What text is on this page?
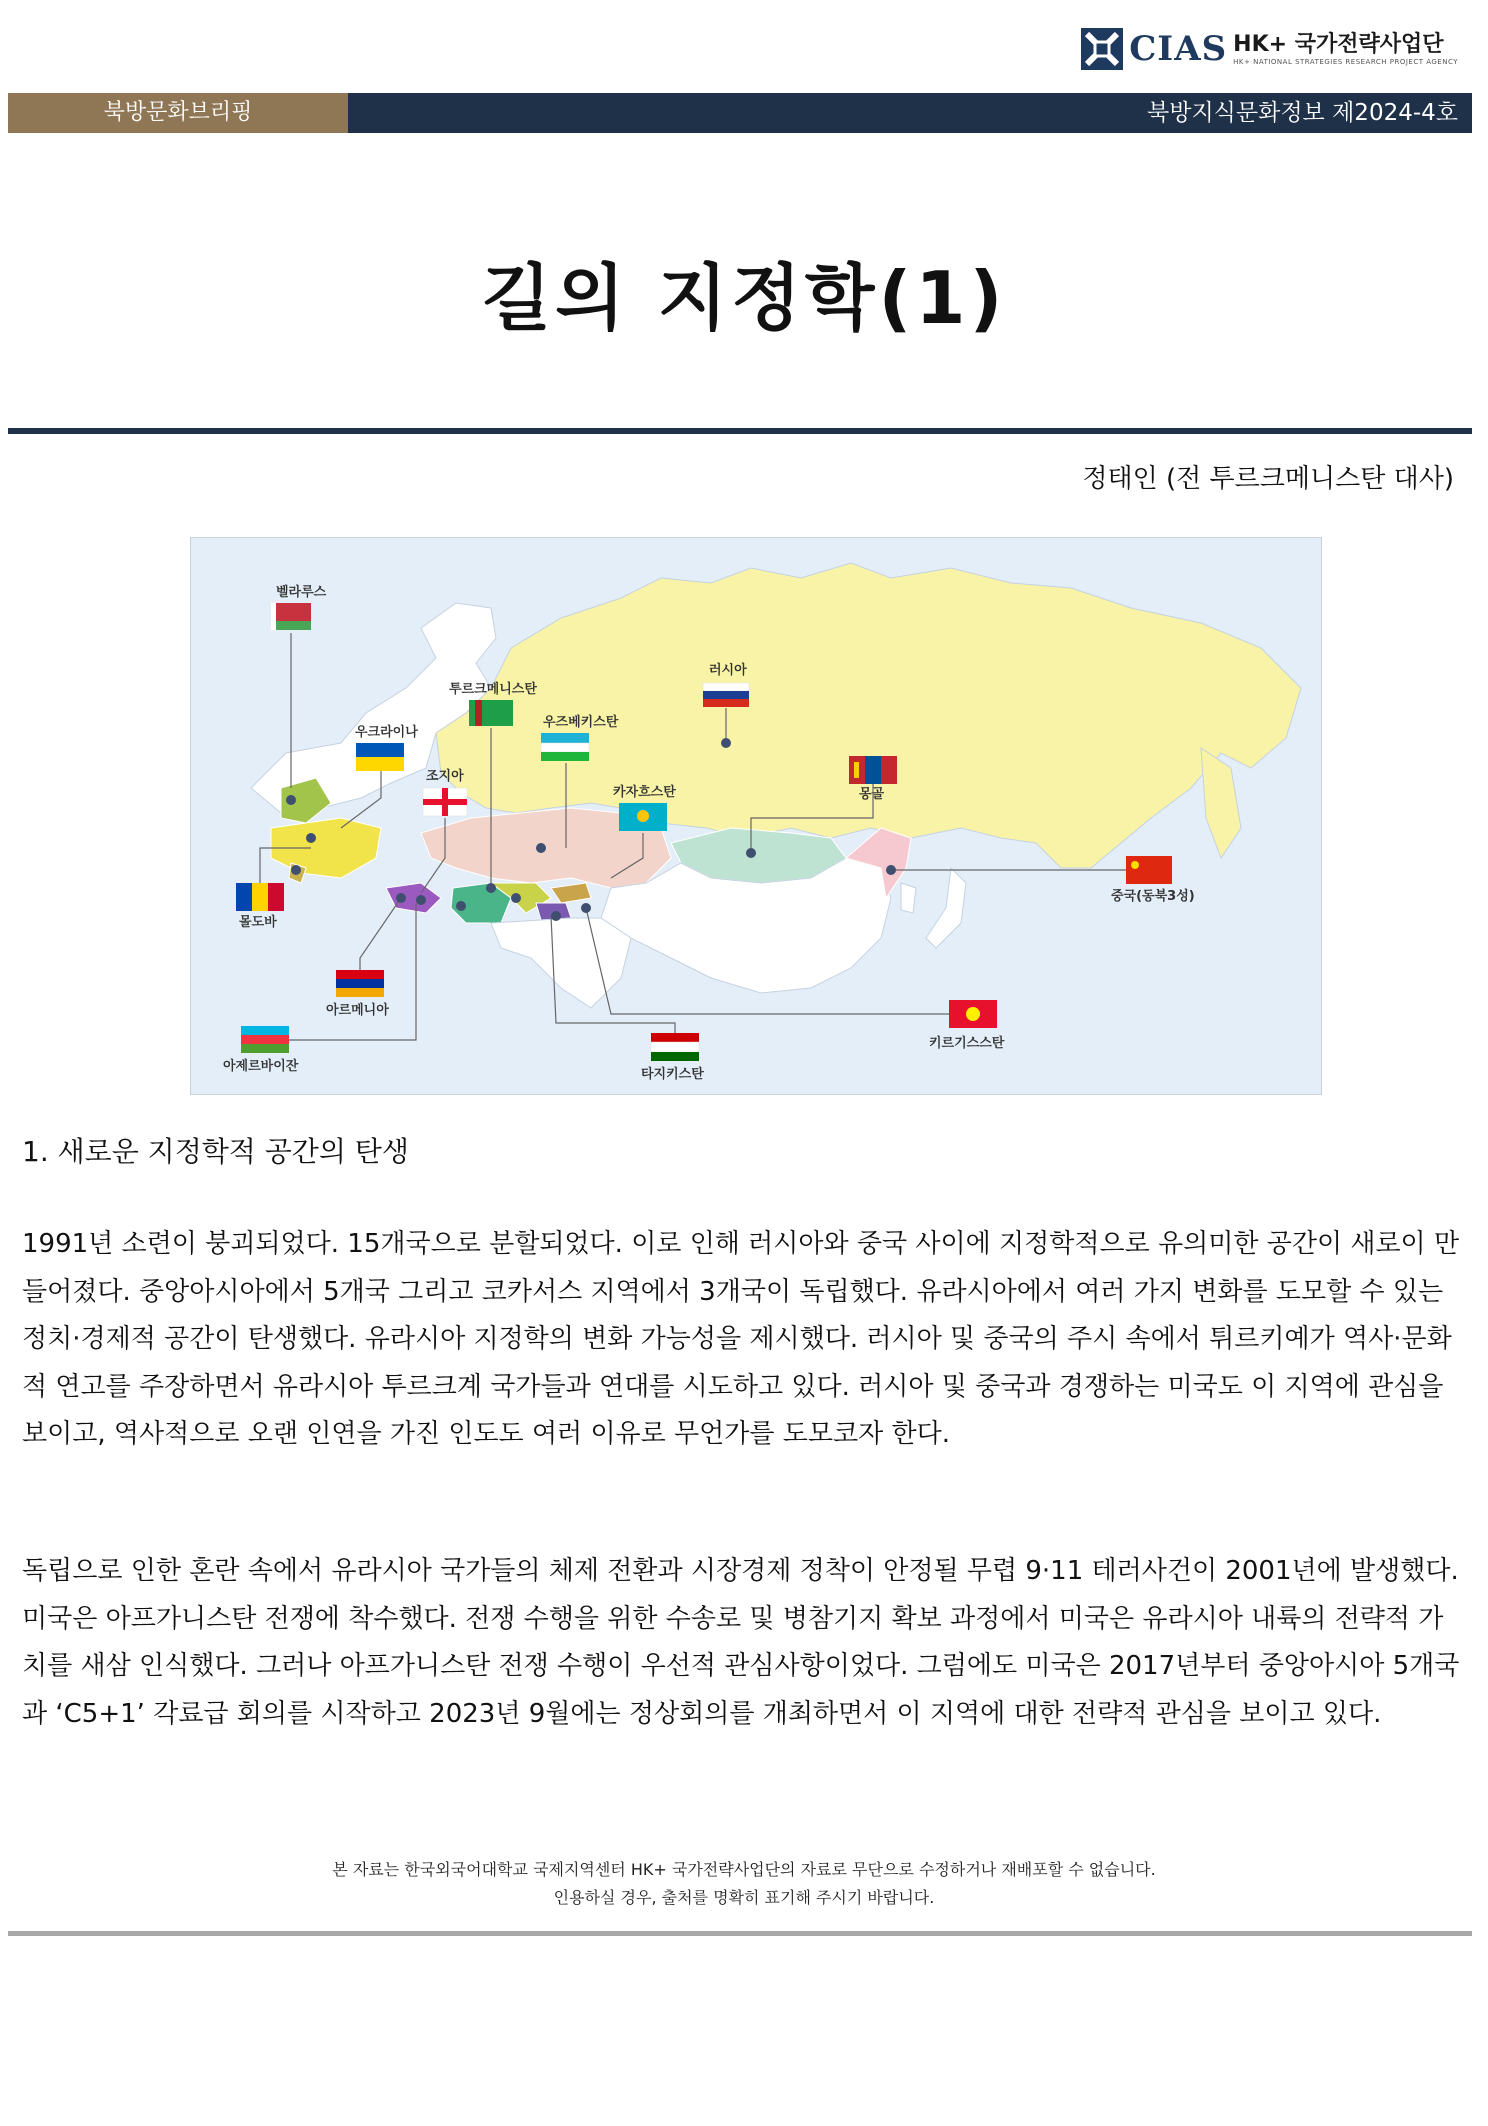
CIAS HK+ 국가전략사업단
HK+ NATIONAL STRATEGIES RESEARCH PROJECT AGENCY
북방문화브리핑	북방지식문화정보 제2024-4호
길의 지정학(1)
정태인 (전 투르크메니스탄 대사)
벨라루스
러시아
투르크메니스탄
우크라이나
우즈베키스탄
조지아
카자흐스탄	몽골
몰도바
중국(동북3성)
아르메니아
키르기스스탄
아제르바이잔
타지키스탄
1. 새로운 지정학적 공간의 탄생

1991년 소련이 붕괴되었다. 15개국으로 분할되었다. 이로 인해 러시아와 중국 사이에 지정학적으로 유의미한 공간이 새로이 만들어졌다. 중앙아시아에서 5개국 그리고 코카서스 지역에서 3개국이 독립했다. 유라시아에서 여러 가지 변화를 도모할 수 있는 정치·경제적 공간이 탄생했다. 유라시아 지정학의 변화 가능성을 제시했다. 러시아 및 중국의 주시 속에서 튀르키예가 역사·문화적 연고를 주장하면서 유라시아 투르크계 국가들과 연대를 시도하고 있다. 러시아 및 중국과 경쟁하는 미국도 이 지역에 관심을 보이고, 역사적으로 오랜 인연을 가진 인도도 여러 이유로 무언가를 도모코자 한다.

독립으로 인한 혼란 속에서 유라시아 국가들의 체제 전환과 시장경제 정착이 안정될 무렵 9·11 테러사건이 2001년에 발생했다. 미국은 아프가니스탄 전쟁에 착수했다. 전쟁 수행을 위한 수송로 및 병참기지 확보 과정에서 미국은 유라시아 내륙의 전략적 가치를 새삼 인식했다. 그러나 아프가니스탄 전쟁 수행이 우선적 관심사항이었다. 그럼에도 미국은 2017년부터 중앙아시아 5개국과 ‘C5+1’ 각료급 회의를 시작하고 2023년 9월에는 정상회의를 개최하면서 이 지역에 대한 전략적 관심을 보이고 있다.

본 자료는 한국외국어대학교 국제지역센터 HK+ 국가전략사업단의 자료로 무단으로 수정하거나 재배포할 수 없습니다.
인용하실 경우, 출처를 명확히 표기해 주시기 바랍니다.
